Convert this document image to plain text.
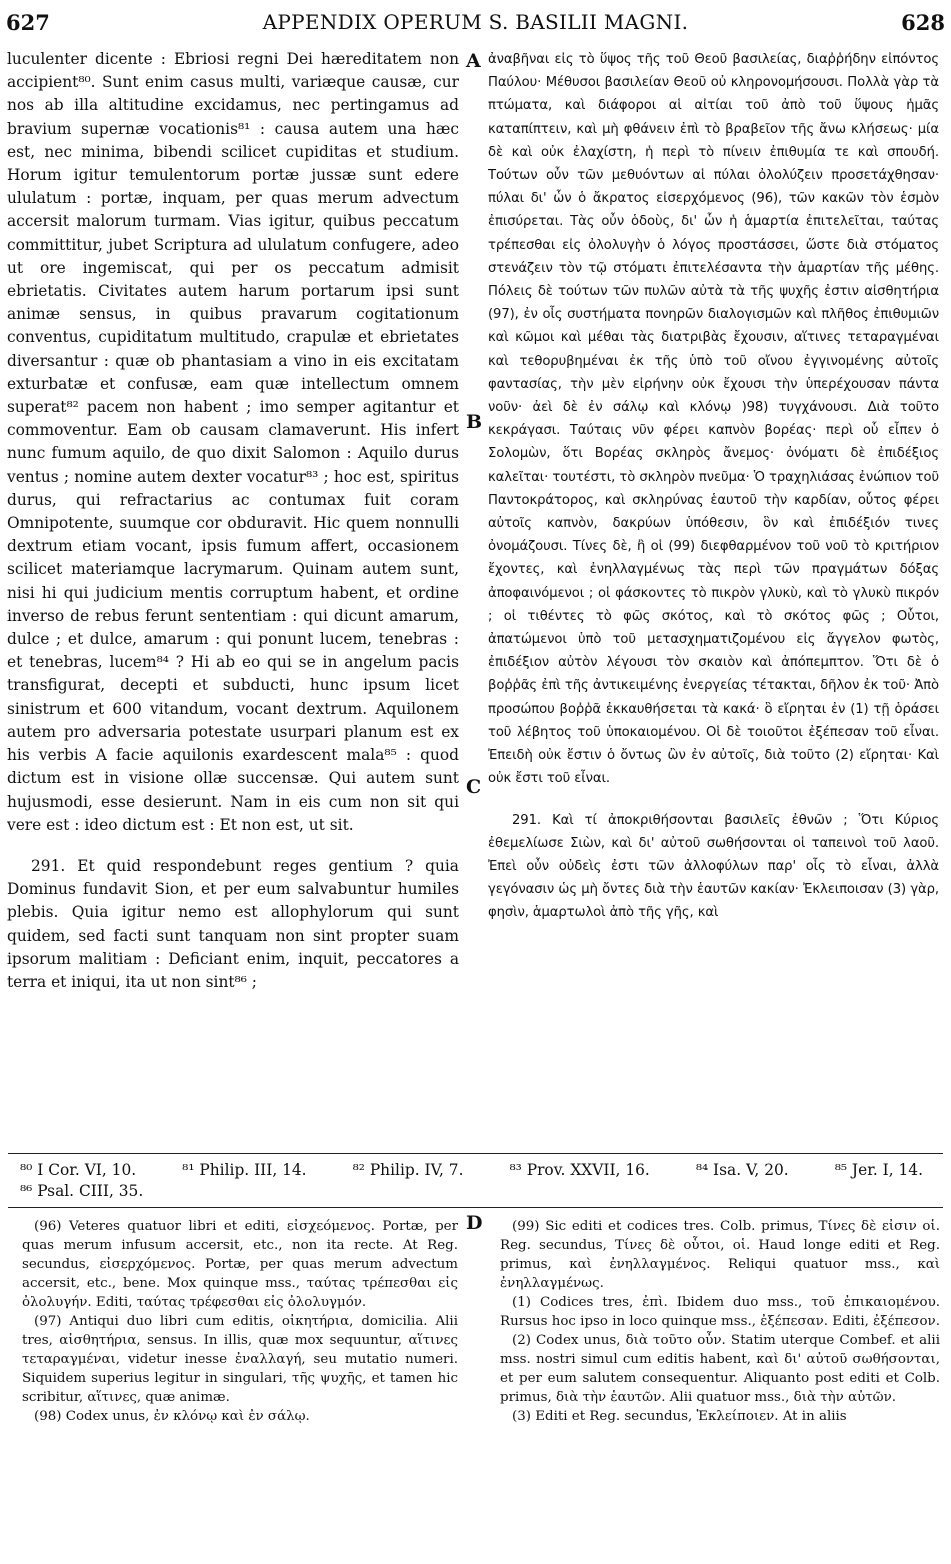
627	APPENDIX OPERUM S. BASILII MAGNI.	628

luculenter dicente : Ebriosi regni Dei hæreditatem non accipient⁸⁰. Sunt enim casus multi, variæque causæ, cur nos ab illa altitudine excidamus, nec pertingamus ad bravium supernæ vocationis⁸¹ : causa autem una hæc est, nec minima, bibendi scilicet cupiditas et studium. Horum igitur temulentorum portæ jussæ sunt edere ululatum : portæ, inquam, per quas merum advectum accersit malorum turmam. Vias igitur, quibus peccatum committitur, jubet Scriptura ad ululatum confugere, adeo ut ore ingemiscat, qui per os peccatum admisit ebrietatis. Civitates autem harum portarum ipsi sunt animæ sensus, in quibus pravarum cogitationum conventus, cupiditatum multitudo, crapulæ et ebrietates diversantur : quæ ob phantasiam a vino in eis excitatam exturbatæ et confusæ, eam quæ intellectum omnem superat⁸² pacem non habent ; imo semper agitantur et commoventur. Eam ob causam clamaverunt. His infert nunc fumum aquilo, de quo dixit Salomon : Aquilo durus ventus ; nomine autem dexter vocatur⁸³ ; hoc est, spiritus durus, qui refractarius ac contumax fuit coram Omnipotente, suumque cor obduravit. Hic quem nonnulli dextrum etiam vocant, ipsis fumum affert, occasionem scilicet materiamque lacrymarum. Quinam autem sunt, nisi hi qui judicium mentis corruptum habent, et ordine inverso de rebus ferunt sententiam : qui dicunt amarum, dulce ; et dulce, amarum : qui ponunt lucem, tenebras : et tenebras, lucem⁸⁴ ? Hi ab eo qui se in angelum pacis transfigurat, decepti et subducti, hunc ipsum licet sinistrum et 600 vitandum, vocant dextrum. Aquilonem autem pro adversaria potestate usurpari planum est ex his verbis A facie aquilonis exardescent mala⁸⁵ : quod dictum est in visione ollæ succensæ. Qui autem sunt hujusmodi, esse desierunt. Nam in eis cum non sit qui vere est : ideo dictum est : Et non est, ut sit.

291. Et quid respondebunt reges gentium ? quia Dominus fundavit Sion, et per eum salvabuntur humiles plebis. Quia igitur nemo est allophylorum qui sunt quidem, sed facti sunt tanquam non sint propter suam ipsorum malitiam : Deficiant enim, inquit, peccatores a terra et iniqui, ita ut non sint⁸⁶ ;

A
B
C

ἀναβῆναι εἰς τὸ ὕψος τῆς τοῦ Θεοῦ βασιλείας, διαῤῥήδην εἰπόντος Παύλου· Μέθυσοι βασιλείαν Θεοῦ οὐ κληρονομήσουσι. Πολλὰ γὰρ τὰ πτώματα, καὶ διάφοροι αἱ αἰτίαι τοῦ ἀπὸ τοῦ ὕψους ἡμᾶς καταπίπτειν, καὶ μὴ φθάνειν ἐπὶ τὸ βραβεῖον τῆς ἄνω κλήσεως· μία δὲ καὶ οὐκ ἐλαχίστη, ἡ περὶ τὸ πίνειν ἐπιθυμία τε καὶ σπουδή. Τούτων οὖν τῶν μεθυόντων αἱ πύλαι ὀλολύζειν προσετάχθησαν· πύλαι δι' ὧν ὁ ἄκρατος εἰσερχόμενος (96), τῶν κακῶν τὸν ἑσμὸν ἐπισύρεται. Τὰς οὖν ὁδοὺς, δι' ὧν ἡ ἁμαρτία ἐπιτελεῖται, ταύτας τρέπεσθαι εἰς ὀλολυγὴν ὁ λόγος προστάσσει, ὥστε διὰ στόματος στενάζειν τὸν τῷ στόματι ἐπιτελέσαντα τὴν ἁμαρτίαν τῆς μέθης. Πόλεις δὲ τούτων τῶν πυλῶν αὐτὰ τὰ τῆς ψυχῆς ἐστιν αἰσθητήρια (97), ἐν οἷς συστήματα πονηρῶν διαλογισμῶν καὶ πλῆθος ἐπιθυμιῶν καὶ κῶμοι καὶ μέθαι τὰς διατριβὰς ἔχουσιν, αἵτινες τεταραγμέναι καὶ τεθορυβημέναι ἐκ τῆς ὑπὸ τοῦ οἴνου ἐγγινομένης αὐτοῖς φαντασίας, τὴν μὲν εἰρήνην οὐκ ἔχουσι τὴν ὑπερέχουσαν πάντα νοῦν· ἀεὶ δὲ ἐν σάλῳ καὶ κλόνῳ )98) τυγχάνουσι. Διὰ τοῦτο κεκράγασι. Ταύταις νῦν φέρει καπνὸν βορέας· περὶ οὗ εἶπεν ὁ Σολομὼν, ὅτι Βορέας σκληρὸς ἄνεμος· ὀνόματι δὲ ἐπιδέξιος καλεῖται· τουτέστι, τὸ σκληρὸν πνεῦμα· Ὁ τραχηλιάσας ἐνώπιον τοῦ Παντοκράτορος, καὶ σκληρύνας ἑαυτοῦ τὴν καρδίαν, οὗτος φέρει αὐτοῖς καπνὸν, δακρύων ὑπόθεσιν, ὃν καὶ ἐπιδέξιόν τινες ὀνομάζουσι. Τίνες δὲ, ἢ οἱ (99) διεφθαρμένον τοῦ νοῦ τὸ κριτήριον ἔχοντες, καὶ ἐνηλλαγμένως τὰς περὶ τῶν πραγμάτων δόξας ἀποφαινόμενοι ; οἱ φάσκοντες τὸ πικρὸν γλυκὺ, καὶ τὸ γλυκὺ πικρόν ; οἱ τιθέντες τὸ φῶς σκότος, καὶ τὸ σκότος φῶς ; Οὗτοι, ἀπατώμενοι ὑπὸ τοῦ μετασχηματιζομένου εἰς ἄγγελον φωτὸς, ἐπιδέξιον αὐτὸν λέγουσι τὸν σκαιὸν καὶ ἀπόπεμπτον. Ὅτι δὲ ὁ βοῤῥᾶς ἐπὶ τῆς ἀντικειμένης ἐνεργείας τέτακται, δῆλον ἐκ τοῦ· Ἀπὸ προσώπου βοῤῥᾶ ἐκκαυθήσεται τὰ κακά· ὃ εἴρηται ἐν (1) τῇ ὁράσει τοῦ λέβητος τοῦ ὑποκαιομένου. Οἱ δὲ τοιοῦτοι ἐξέπεσαν τοῦ εἶναι. Ἐπειδὴ οὐκ ἔστιν ὁ ὄντως ὢν ἐν αὐτοῖς, διὰ τοῦτο (2) εἴρηται· Καὶ οὐκ ἔστι τοῦ εἶναι.

291. Καὶ τί ἀποκριθήσονται βασιλεῖς ἐθνῶν ; Ὅτι Κύριος ἐθεμελίωσε Σιὼν, καὶ δι' αὐτοῦ σωθήσονται οἱ ταπεινοὶ τοῦ λαοῦ. Ἐπεὶ οὖν οὐδεὶς ἐστι τῶν ἀλλοφύλων παρ' οἷς τὸ εἶναι, ἀλλὰ γεγόνασιν ὡς μὴ ὄντες διὰ τὴν ἑαυτῶν κακίαν· Ἐκλειποισαν (3) γὰρ, φησὶν, ἁμαρτωλοὶ ἀπὸ τῆς γῆς, καὶ

⁸⁰ I Cor. VI, 10.	⁸¹ Philip. III, 14.	⁸² Philip. IV, 7.	⁸³ Prov. XXVII, 16.	⁸⁴ Isa. V, 20.	⁸⁵ Jer. I, 14.
⁸⁶ Psal. CIII, 35.
D

(96) Veteres quatuor libri et editi, εἰσχεόμενος. Portæ, per quas merum infusum accersit, etc., non ita recte. At Reg. secundus, εἰσερχόμενος. Portæ, per quas merum advectum accersit, etc., bene. Mox quinque mss., ταύτας τρέπεσθαι εἰς ὀλολυγήν. Editi, ταύτας τρέφεσθαι εἰς ὀλολυγμόν.

(97) Antiqui duo libri cum editis, οἰκητήρια, domicilia. Alii tres, αἰσθητήρια, sensus. In illis, quæ mox sequuntur, αἵτινες τεταραγμέναι, videtur inesse ἐναλλαγή, seu mutatio numeri. Siquidem superius legitur in singulari, τῆς ψυχῆς, et tamen hic scribitur, αἵτινες, quæ animæ.

(98) Codex unus, ἐν κλόνῳ καὶ ἐν σάλῳ.

(99) Sic editi et codices tres. Colb. primus, Τίνες δὲ εἰσιν οἱ. Reg. secundus, Τίνες δὲ οὗτοι, οἱ. Haud longe editi et Reg. primus, καὶ ἐνηλλαγμένος. Reliqui quatuor mss., καὶ ἐνηλλαγμένως.

(1) Codices tres, ἐπὶ. Ibidem duo mss., τοῦ ἐπικαιομένου. Rursus hoc ipso in loco quinque mss., ἐξέπεσαν. Editi, ἐξέπεσον.

(2) Codex unus, διὰ τοῦτο οὖν. Statim uterque Combef. et alii mss. nostri simul cum editis habent, καὶ δι' αὐτοῦ σωθήσονται, et per eum salutem consequentur. Aliquanto post editi et Colb. primus, διὰ τὴν ἑαυτῶν. Alii quatuor mss., διὰ τὴν αὐτῶν.

(3) Editi et Reg. secundus, Ἐκλείποιεν. At in aliis
